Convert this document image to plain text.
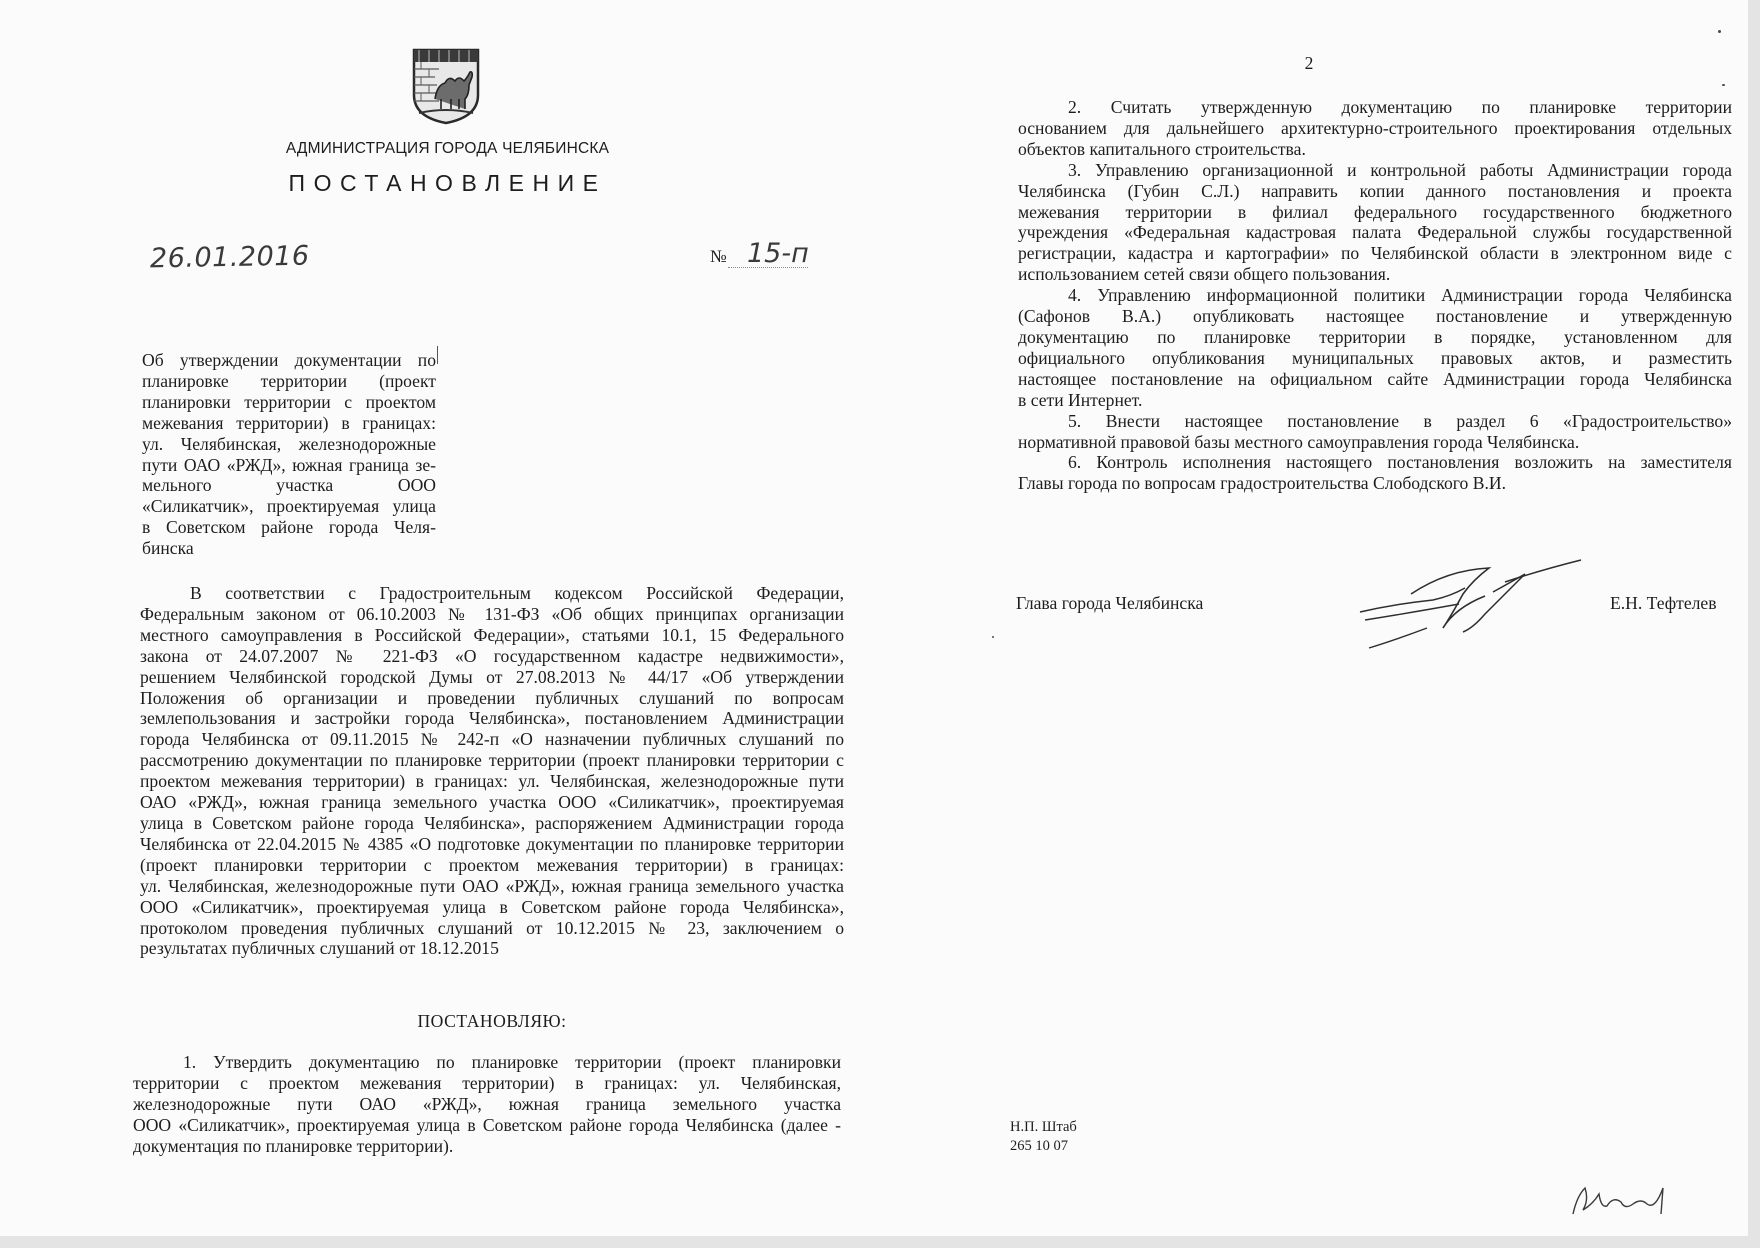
АДМИНИСТРАЦИЯ ГОРОДА ЧЕЛЯБИНСКА
ПОСТАНОВЛЕНИЕ
26.01.2016	№ 15-п
Об утверждении документации по
планировке территории (проект
планировки территории с проектом
межевания территории) в границах:
ул. Челябинская, железнодорожные
пути ОАО «РЖД», южная граница зе-
мельного участка ООО
«Силикатчик», проектируемая улица
в Советском районе города Челя-
бинска
В соответствии с Градостроительным кодексом Российской Федерации,
Федеральным законом от 06.10.2003 № 131-ФЗ «Об общих принципах организации
местного самоуправления в Российской Федерации», статьями 10.1, 15 Федерального
закона от 24.07.2007 № 221-ФЗ «О государственном кадастре недвижимости»,
решением Челябинской городской Думы от 27.08.2013 № 44/17 «Об утверждении
Положения об организации и проведении публичных слушаний по вопросам
землепользования и застройки города Челябинска», постановлением Администрации
города Челябинска от 09.11.2015 № 242-п «О назначении публичных слушаний по
рассмотрению документации по планировке территории (проект планировки территории с
проектом межевания территории) в границах: ул. Челябинская, железнодорожные пути
ОАО «РЖД», южная граница земельного участка ООО «Силикатчик», проектируемая
улица в Советском районе города Челябинска», распоряжением Администрации города
Челябинска от 22.04.2015 № 4385 «О подготовке документации по планировке территории
(проект планировки территории с проектом межевания территории) в границах:
ул. Челябинская, железнодорожные пути ОАО «РЖД», южная граница земельного участка
ООО «Силикатчик», проектируемая улица в Советском районе города Челябинска»,
протоколом проведения публичных слушаний от 10.12.2015 № 23, заключением о
результатах публичных слушаний от 18.12.2015
ПОСТАНОВЛЯЮ:
1. Утвердить документацию по планировке территории (проект планировки
территории с проектом межевания территории) в границах: ул. Челябинская,
железнодорожные пути ОАО «РЖД», южная граница земельного участка
ООО «Силикатчик», проектируемая улица в Советском районе города Челябинска (далее -
документация по планировке территории).
2
2. Считать утвержденную документацию по планировке территории
основанием для дальнейшего архитектурно-строительного проектирования отдельных
объектов капитального строительства.
3. Управлению организационной и контрольной работы Администрации города
Челябинска (Губин С.Л.) направить копии данного постановления и проекта
межевания территории в филиал федерального государственного бюджетного
учреждения «Федеральная кадастровая палата Федеральной службы государственной
регистрации, кадастра и картографии» по Челябинской области в электронном виде с
использованием сетей связи общего пользования.
4. Управлению информационной политики Администрации города Челябинска
(Сафонов В.А.) опубликовать настоящее постановление и утвержденную
документацию по планировке территории в порядке, установленном для
официального опубликования муниципальных правовых актов, и разместить
настоящее постановление на официальном сайте Администрации города Челябинска
в сети Интернет.
5. Внести настоящее постановление в раздел 6 «Градостроительство»
нормативной правовой базы местного самоуправления города Челябинска.
6. Контроль исполнения настоящего постановления возложить на заместителя
Главы города по вопросам градостроительства Слободского В.И.
Глава города Челябинска	Е.Н. Тефтелев
Н.П. Штаб
265 10 07
